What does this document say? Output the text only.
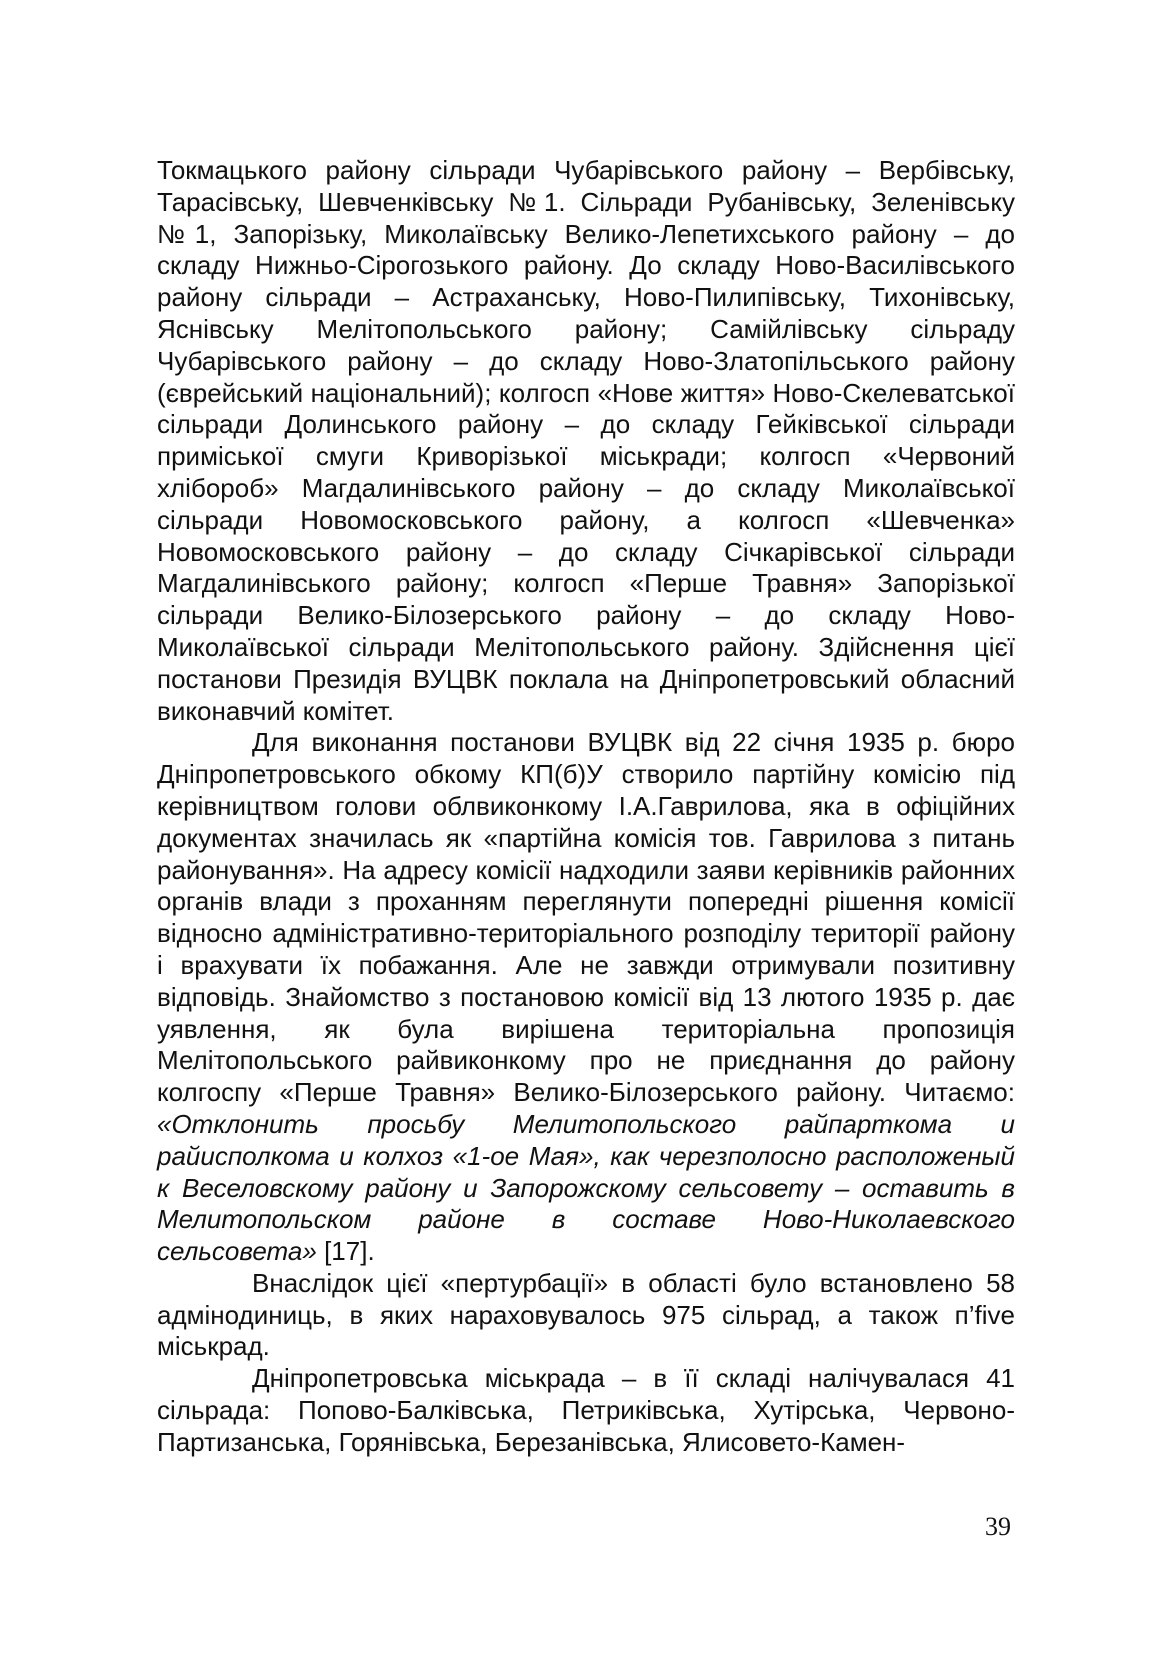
Токмацького району сільради Чубарівського району – Вербівську, Тарасівську, Шевченківську №1. Сільради Рубанівську, Зеленівську №1, Запорізьку, Миколаївську Велико-Лепетихського району – до складу Нижньо-Сірогозького району. До складу Ново-Василівського району сільради – Астраханську, Ново-Пилипівську, Тихонівську, Яснівську Мелітопольського району; Самійлівську сільраду Чубарівського району – до складу Ново-Златопільського району (єврейський національний); колгосп «Нове життя» Ново-Скелеватської сільради Долинського району – до складу Гейківської сільради приміської смуги Криворізької міськради; колгосп «Червоний хлібороб» Магдалинівського району – до складу Миколаївської сільради Новомосковського району, а колгосп «Шевченка» Новомосковського району – до складу Січкарівської сільради Магдалинівського району; колгосп «Перше Травня» Запорізької сільради Велико-Білозерського району – до складу Ново-Миколаївської сільради Мелітопольського району. Здійснення цієї постанови Президія ВУЦВК поклала на Дніпропетровський обласний виконавчий комітет.

Для виконання постанови ВУЦВК від 22 січня 1935 р. бюро Дніпропетровського обкому КП(б)У створило партійну комісію під керівництвом голови облвиконкому І.А.Гаврилова, яка в офіційних документах значилась як «партійна комісія тов. Гаврилова з питань районування». На адресу комісії надходили заяви керівників районних органів влади з проханням переглянути попередні рішення комісії відносно адміністративно-територіального розподілу території району і врахувати їх побажання. Але не завжди отримували позитивну відповідь. Знайомство з постановою комісії від 13 лютого 1935 р. дає уявлення, як була вирішена територіальна пропозиція Мелітопольського райвиконкому про не приєднання до району колгоспу «Перше Травня» Велико-Білозерського району. Читаємо: «Отклонить просьбу Мелитопольского райпарткома и райисполкома и колхоз «1-ое Мая», как черезполосно расположеный к Веселовскому району и Запорожскому сельсовету – оставить в Мелитопольском районе в составе Ново-Николаевского сельсовета» [17].

Внаслідок цієї «пертурбації» в області було встановлено 58 адмінодиниць, в яких нараховувалось 975 сільрад, а також п’five міськрад.

Дніпропетровська міськрада – в її складі налічувалася 41 сільрада: Попово-Балківська, Петриківська, Хутірська, Червоно-Партизанська, Горянівська, Березанівська, Ялисовето-Камен-

39
